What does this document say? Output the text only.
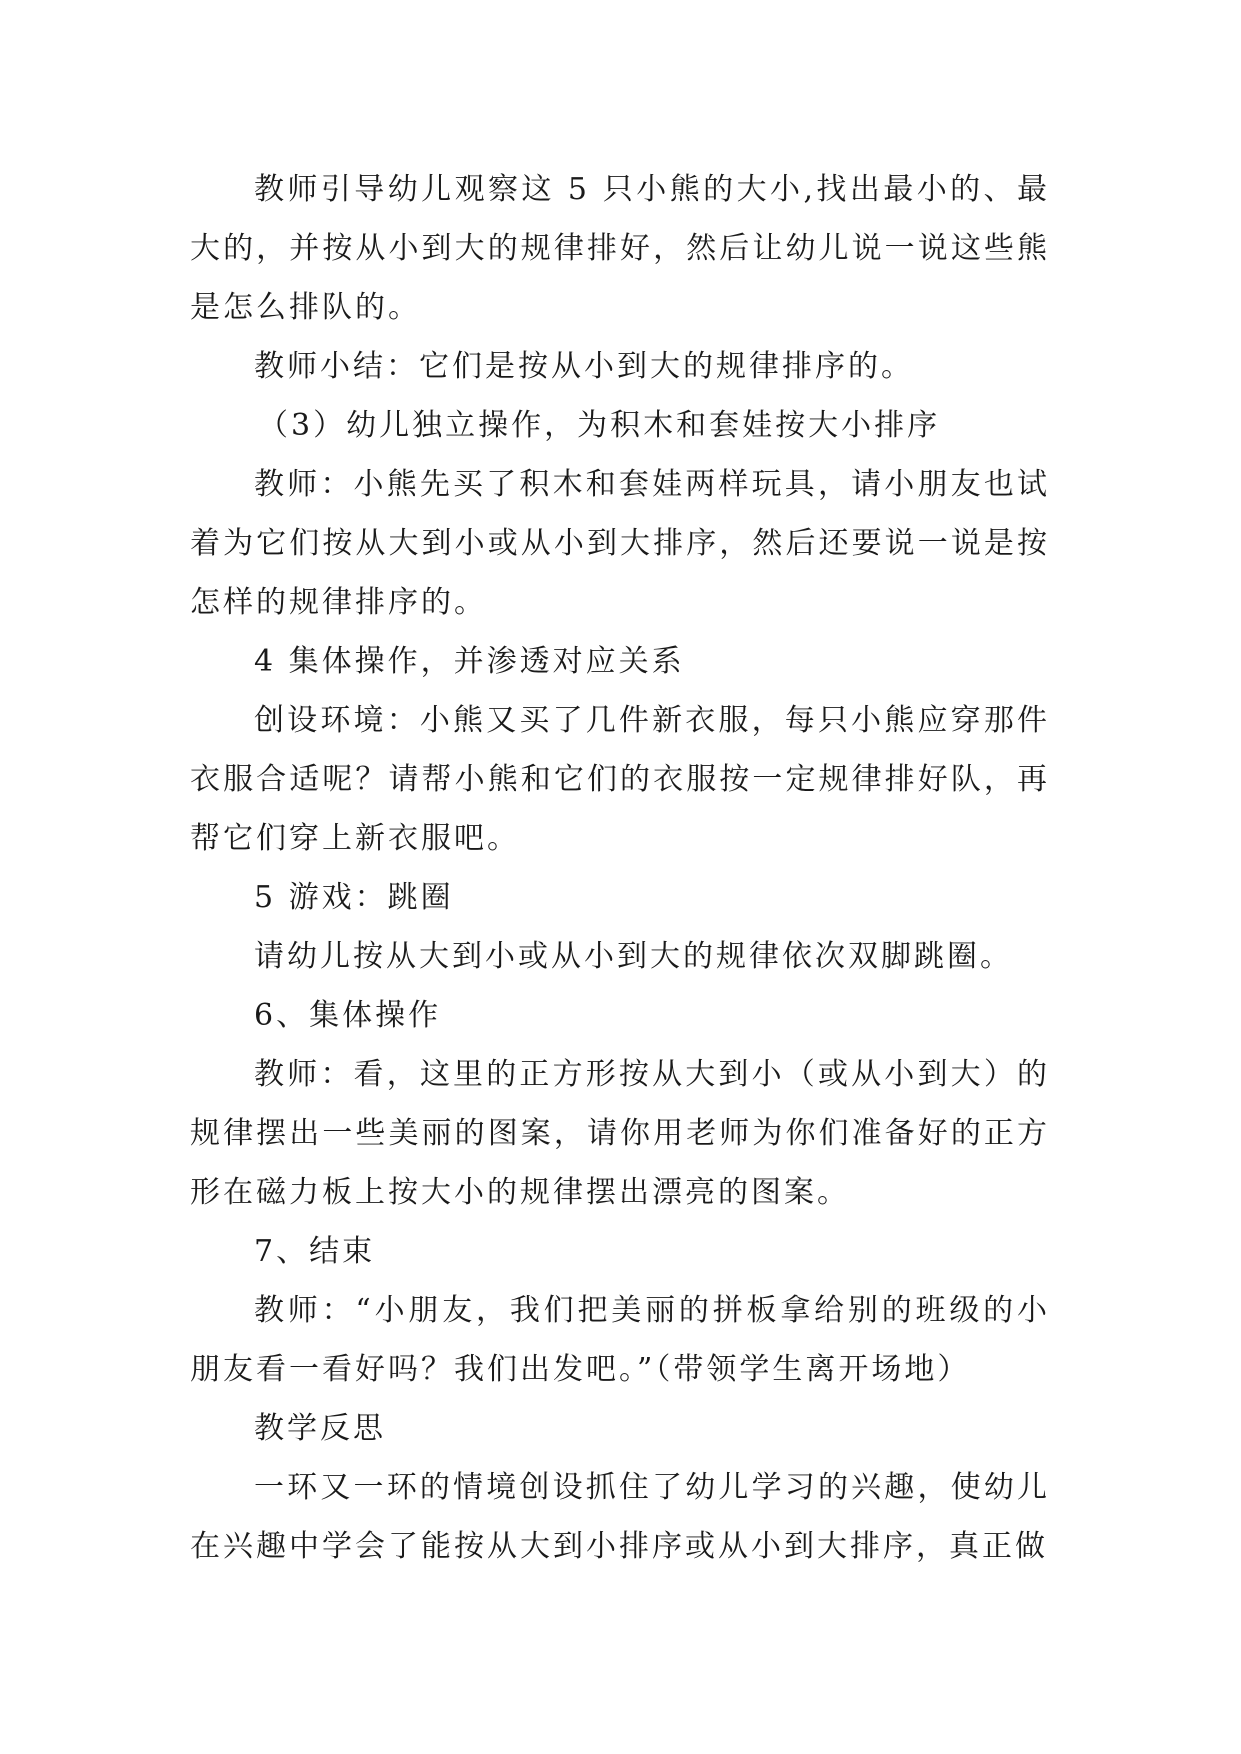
教师引导幼儿观察这 5 只小熊的大小,找出最小的、最大的，并按从小到大的规律排好，然后让幼儿说一说这些熊是怎么排队的。

教师小结：它们是按从小到大的规律排序的。

（3）幼儿独立操作，为积木和套娃按大小排序

教师：小熊先买了积木和套娃两样玩具，请小朋友也试着为它们按从大到小或从小到大排序，然后还要说一说是按怎样的规律排序的。

4 集体操作，并渗透对应关系

创设环境：小熊又买了几件新衣服，每只小熊应穿那件衣服合适呢？请帮小熊和它们的衣服按一定规律排好队，再帮它们穿上新衣服吧。

5 游戏：跳圈

请幼儿按从大到小或从小到大的规律依次双脚跳圈。

6、集体操作

教师：看，这里的正方形按从大到小（或从小到大）的规律摆出一些美丽的图案，请你用老师为你们准备好的正方形在磁力板上按大小的规律摆出漂亮的图案。

7、结束

教师：“小朋友，我们把美丽的拼板拿给别的班级的小朋友看一看好吗？我们出发吧。”（带领学生离开场地）

教学反思

一环又一环的情境创设抓住了幼儿学习的兴趣，使幼儿在兴趣中学会了能按从大到小排序或从小到大排序，真正做
